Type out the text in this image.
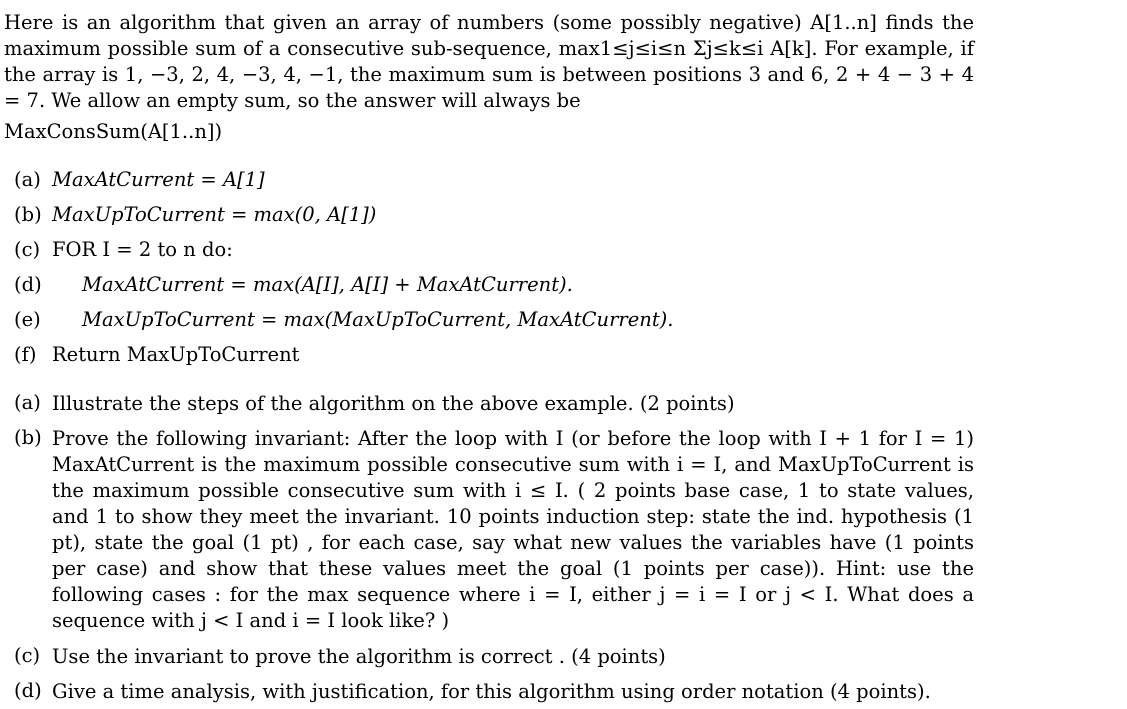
Here is an algorithm that given an array of numbers (some possibly negative) A[1..n] finds the maximum possible sum of a consecutive sub-sequence, max1≤j≤i≤n Σj≤k≤i A[k]. For example, if the array is 1, −3, 2, 4, −3, 4, −1, the maximum sum is between positions 3 and 6, 2 + 4 − 3 + 4 = 7. We allow an empty sum, so the answer will always be
MaxConsSum(A[1..n])
(a) MaxAtCurrent = A[1]
(b) MaxUpToCurrent = max(0, A[1])
(c) FOR I = 2 to n do:
(d) MaxAtCurrent = max(A[I], A[I] + MaxAtCurrent).
(e) MaxUpToCurrent = max(MaxUpToCurrent, MaxAtCurrent).
(f) Return MaxUpToCurrent
(a) Illustrate the steps of the algorithm on the above example. (2 points)
(b) Prove the following invariant: After the loop with I (or before the loop with I + 1 for I = 1) MaxAtCurrent is the maximum possible consecutive sum with i = I, and MaxUpToCurrent is the maximum possible consecutive sum with i ≤ I. ( 2 points base case, 1 to state values, and 1 to show they meet the invariant. 10 points induction step: state the ind. hypothesis (1 pt), state the goal (1 pt) , for each case, say what new values the variables have (1 points per case) and show that these values meet the goal (1 points per case)). Hint: use the following cases : for the max sequence where i = I, either j = i = I or j < I. What does a sequence with j < I and i = I look like? )
(c) Use the invariant to prove the algorithm is correct . (4 points)
(d) Give a time analysis, with justification, for this algorithm using order notation (4 points).
